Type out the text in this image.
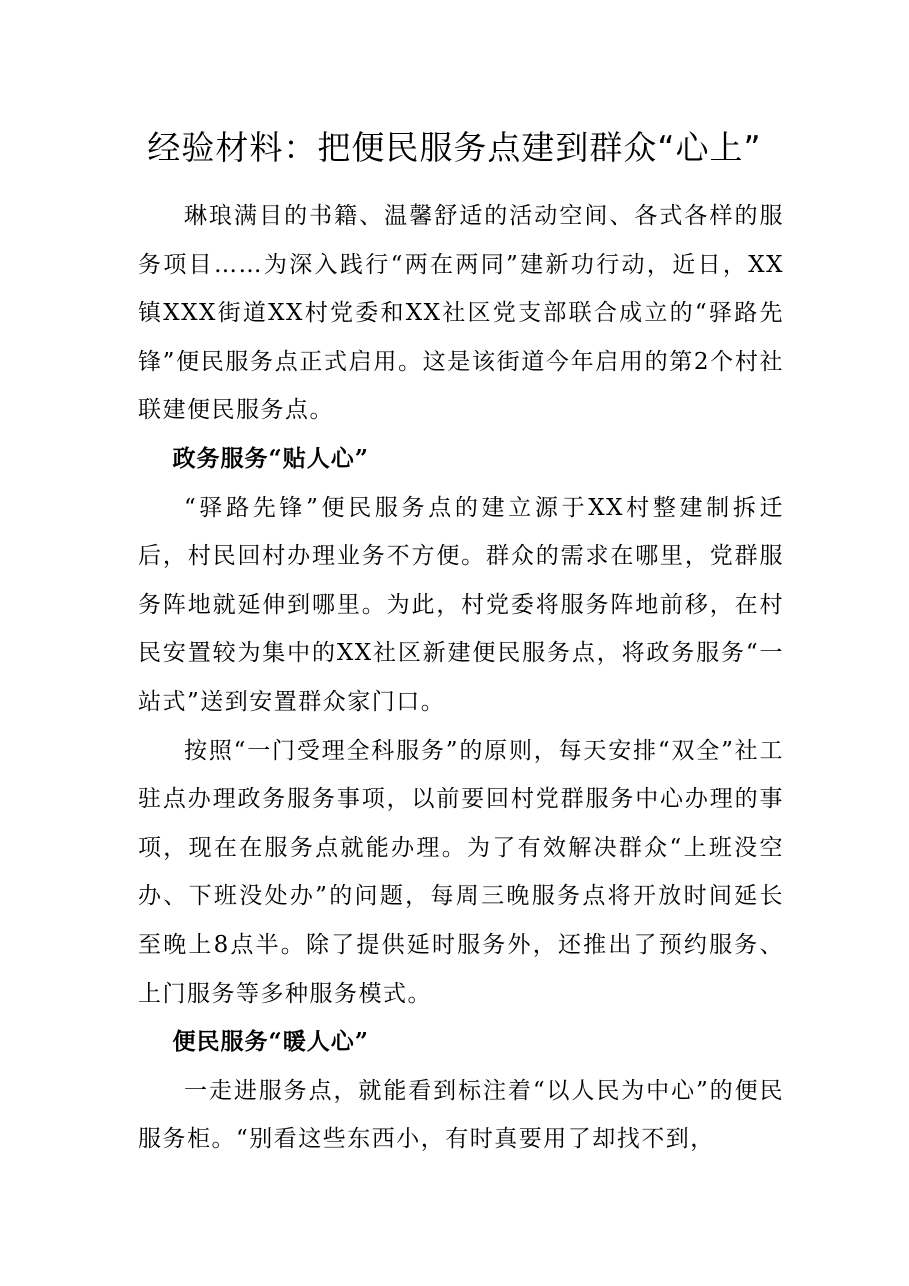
经验材料：把便民服务点建到群众“心上”

琳琅满目的书籍、温馨舒适的活动空间、各式各样的服务项目……为深入践行“两在两同”建新功行动，近日，XX镇XXX街道XX村党委和XX社区党支部联合成立的“驿路先锋”便民服务点正式启用。这是该街道今年启用的第2个村社联建便民服务点。

政务服务“贴人心”

“驿路先锋”便民服务点的建立源于XX村整建制拆迁后，村民回村办理业务不方便。群众的需求在哪里，党群服务阵地就延伸到哪里。为此，村党委将服务阵地前移，在村民安置较为集中的XX社区新建便民服务点，将政务服务“一站式”送到安置群众家门口。

按照“一门受理全科服务”的原则，每天安排“双全”社工驻点办理政务服务事项，以前要回村党群服务中心办理的事项，现在在服务点就能办理。为了有效解决群众“上班没空办、下班没处办”的问题，每周三晚服务点将开放时间延长至晚上8点半。除了提供延时服务外，还推出了预约服务、上门服务等多种服务模式。

便民服务“暖人心”

一走进服务点，就能看到标注着“以人民为中心”的便民服务柜。“别看这些东西小，有时真要用了却找不到，
